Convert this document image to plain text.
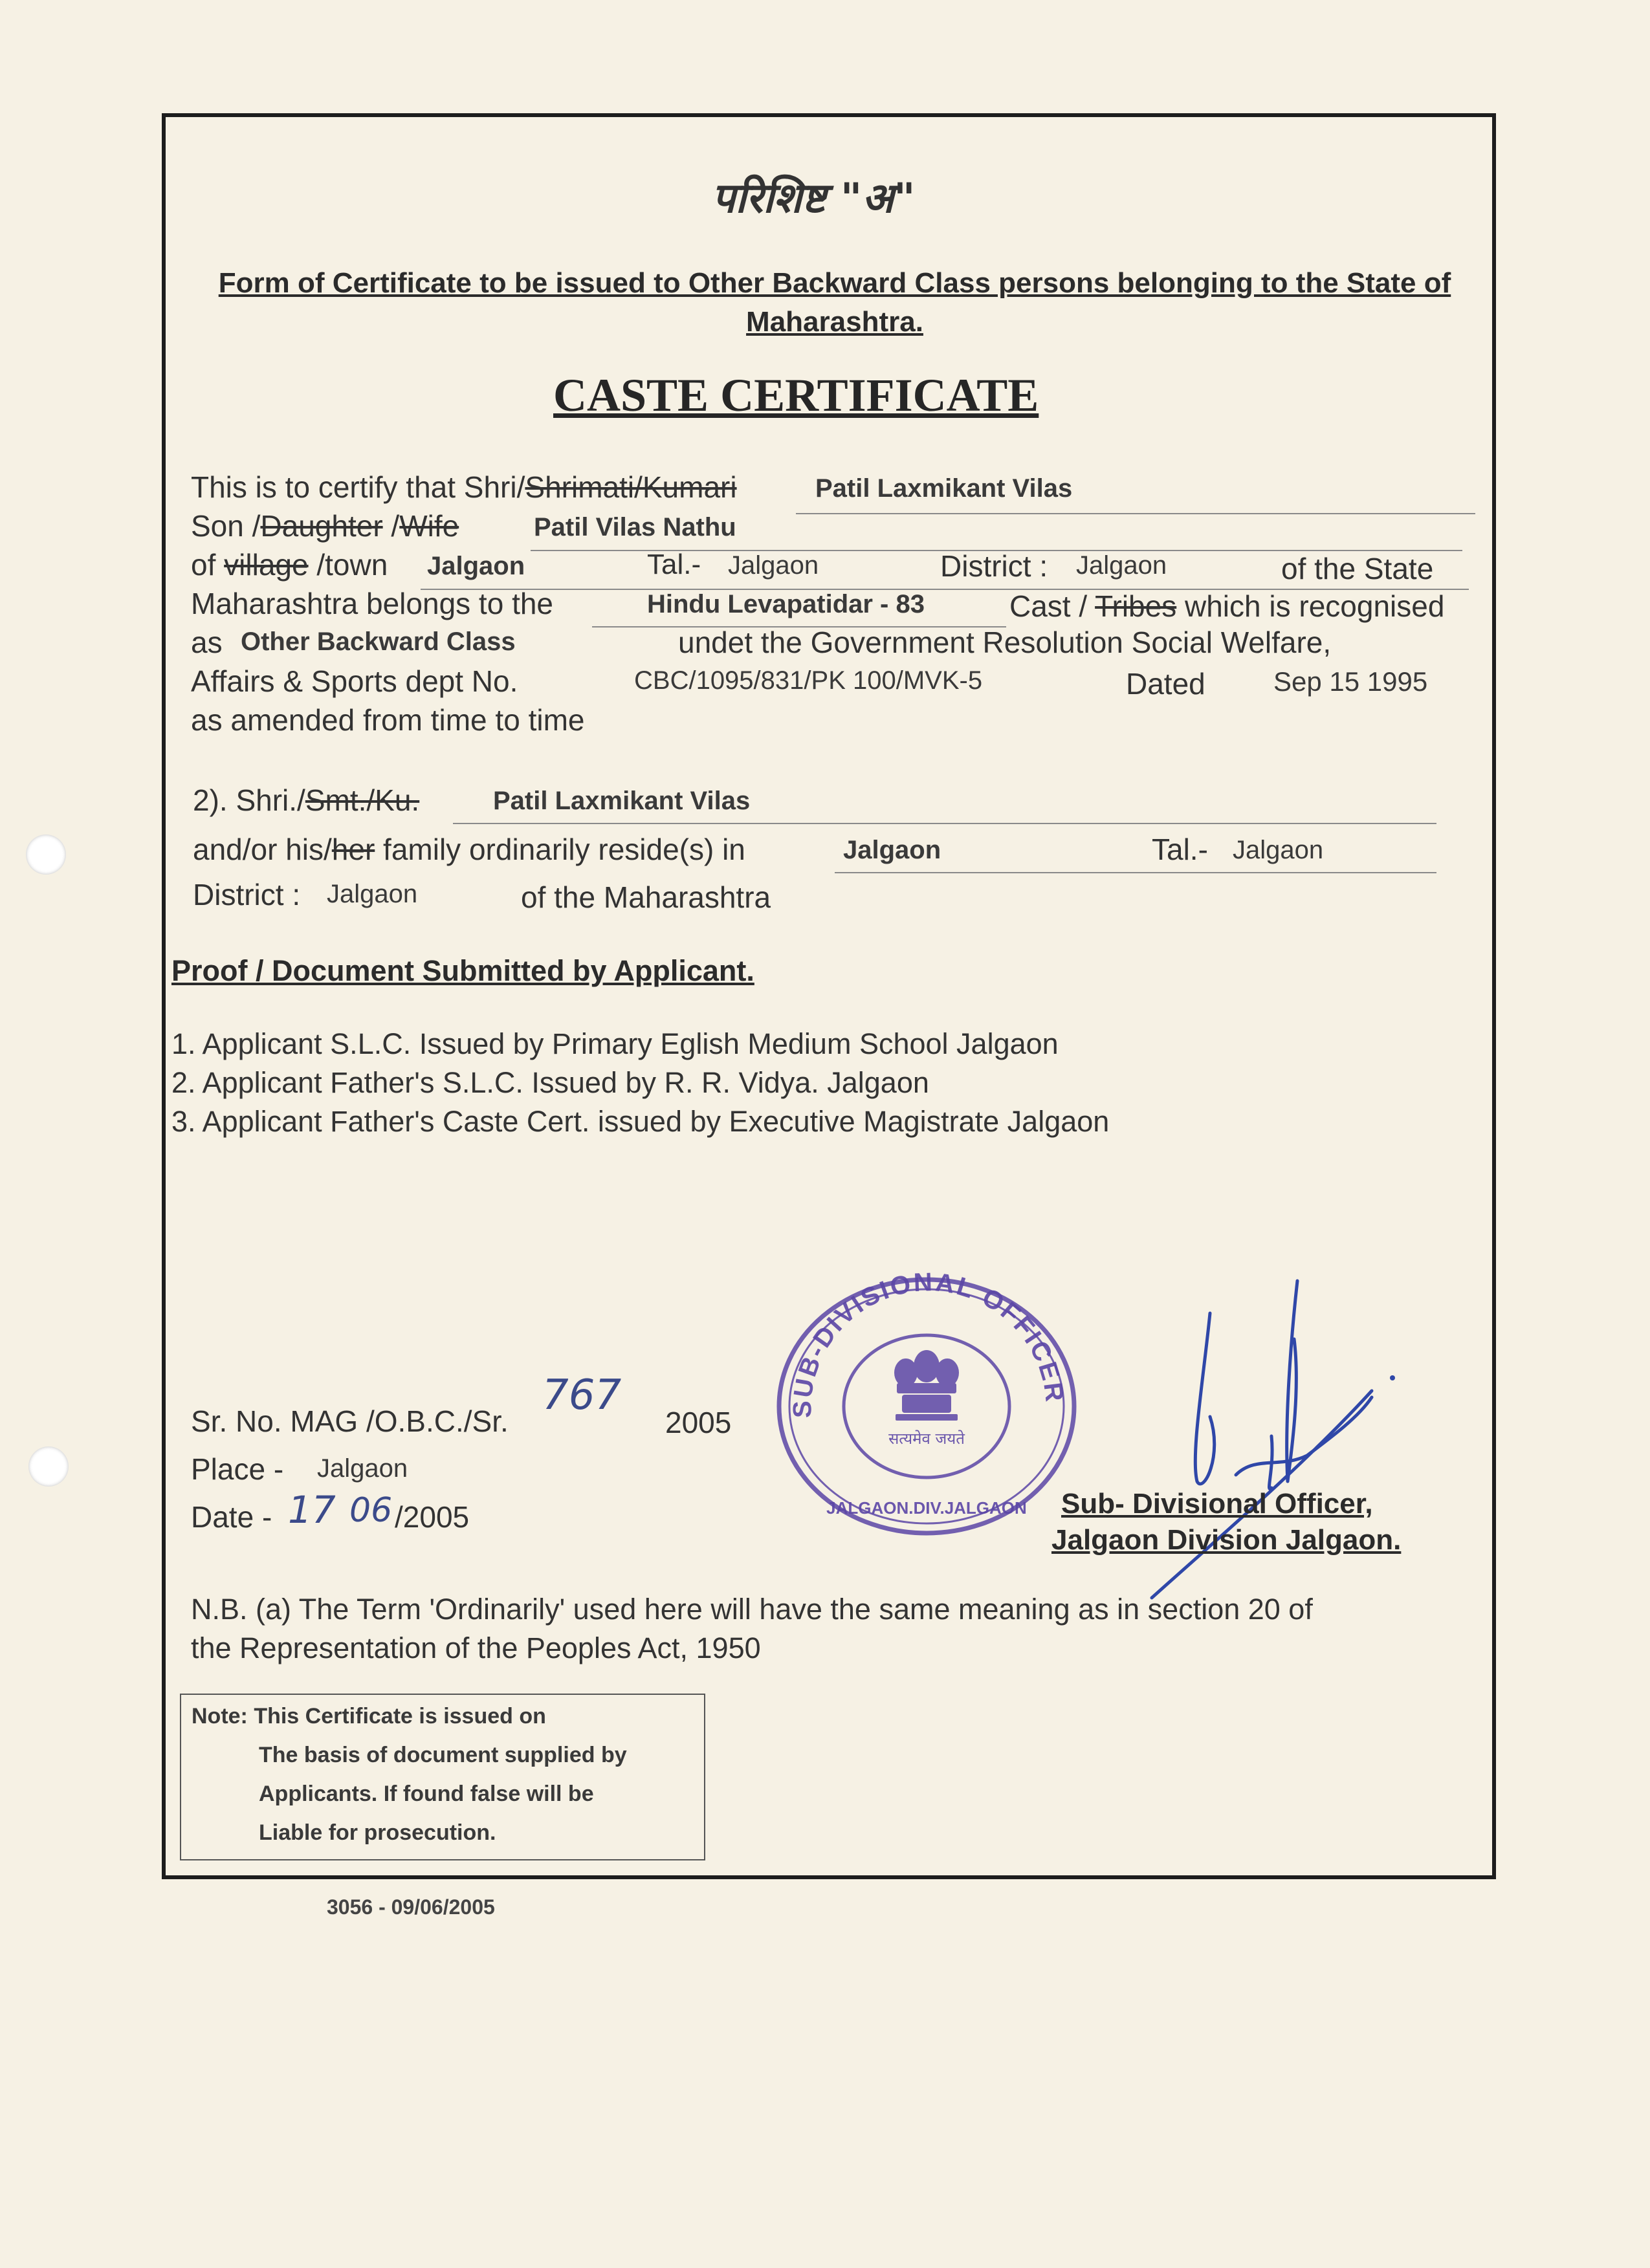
परिशिष्ट "अ"
Form of Certificate to be issued to Other Backward Class persons belonging to the State of Maharashtra.
CASTE CERTIFICATE
This is to certify that Shri/Shrimati/Kumari	Patil Laxmikant Vilas
Son /Daughter /Wife	Patil Vilas Nathu
of village /town Jalgaon	Tal.- Jalgaon	District : Jalgaon	of the State
Maharashtra belongs to the	Hindu Levapatidar - 83	Cast / Tribes which is recognised
as Other Backward Class	undet the Government Resolution Social Welfare,
Affairs & Sports dept No.	CBC/1095/831/PK 100/MVK-5	Dated	Sep 15 1995
as amended from time to time
2). Shri./Smt./Ku.	Patil Laxmikant Vilas
and/or his/her family ordinarily reside(s) in	Jalgaon	Tal.- Jalgaon
District : Jalgaon	of the Maharashtra
Proof / Document Submitted by Applicant.
1. Applicant S.L.C. Issued by Primary Eglish Medium School Jalgaon
2. Applicant Father's S.L.C. Issued by R. R. Vidya. Jalgaon
3. Applicant Father's Caste Cert. issued by Executive Magistrate Jalgaon
Sr. No. MAG /O.B.C./Sr.
767
2005
Place - Jalgaon
Date - 17 06 /2005
SUB-DIVISIONAL OFFICER
JALGAON.DIV.JALGAON
सत्यमेव जयते
Sub- Divisional Officer,
Jalgaon Division Jalgaon.
N.B. (a) The Term 'Ordinarily' used here will have the same meaning as in section 20 of
the Representation of the Peoples Act, 1950
Note: This Certificate is issued on
The basis of document supplied by
Applicants. If found false will be
Liable for prosecution.
3056 - 09/06/2005
